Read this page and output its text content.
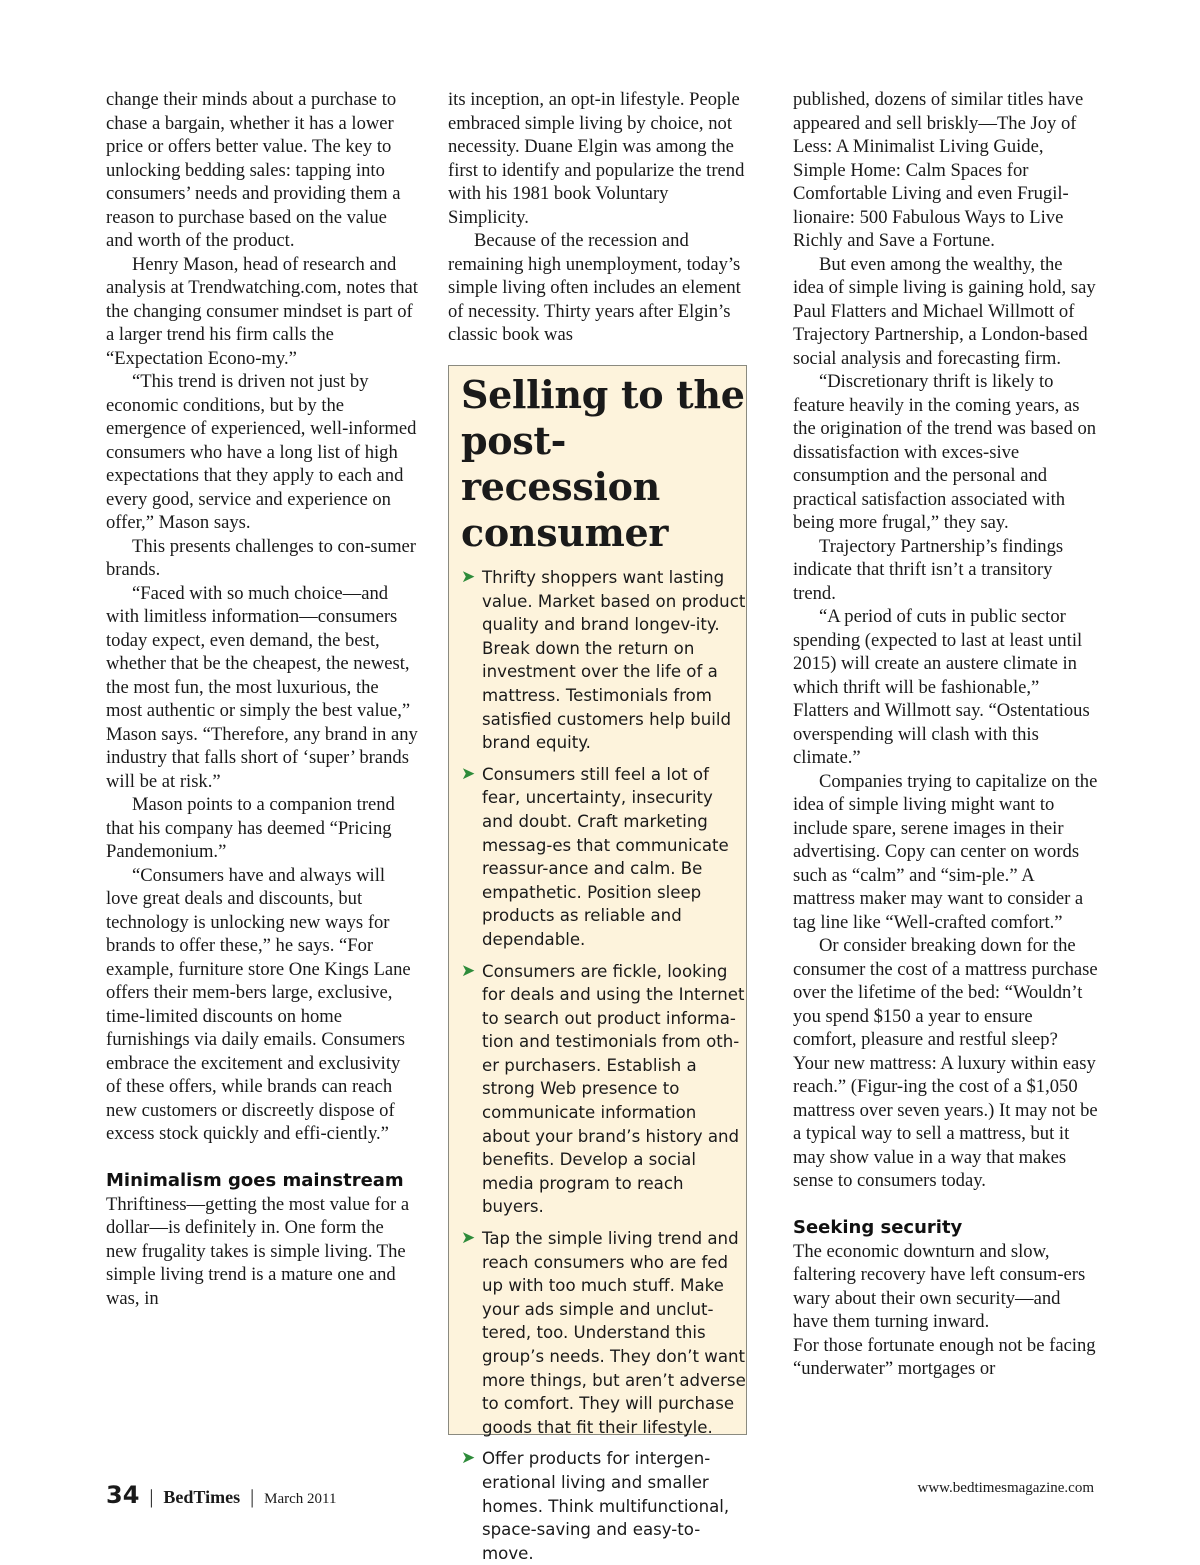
change their minds about a purchase to chase a bargain, whether it has a lower price or offers better value. The key to unlocking bedding sales: tapping into consumers’ needs and providing them a reason to purchase based on the value and worth of the product.

Henry Mason, head of research and analysis at Trendwatching.com, notes that the changing consumer mindset is part of a larger trend his firm calls the “Expectation Econo-my.”

“This trend is driven not just by economic conditions, but by the emergence of experienced, well-informed consumers who have a long list of high expectations that they apply to each and every good, service and experience on offer,” Mason says.

This presents challenges to con-sumer brands.

“Faced with so much choice—and with limitless information—consumers today expect, even demand, the best, whether that be the cheapest, the newest, the most fun, the most luxurious, the most authentic or simply the best value,” Mason says. “Therefore, any brand in any industry that falls short of ‘super’ brands will be at risk.”

Mason points to a companion trend that his company has deemed “Pricing Pandemonium.”

“Consumers have and always will love great deals and discounts, but technology is unlocking new ways for brands to offer these,” he says. “For example, furniture store One Kings Lane offers their mem-bers large, exclusive, time-limited discounts on home furnishings via daily emails. Consumers embrace the excitement and exclusivity of these offers, while brands can reach new customers or discreetly dispose of excess stock quickly and effi-ciently.”

Minimalism goes mainstream

Thriftiness—getting the most value for a dollar—is definitely in. One form the new frugality takes is simple living. The simple living trend is a mature one and was, in

its inception, an opt-in lifestyle. People embraced simple living by choice, not necessity. Duane Elgin was among the first to identify and popularize the trend with his 1981 book Voluntary Simplicity.

Because of the recession and remaining high unemployment, today’s simple living often includes an element of necessity. Thirty years after Elgin’s classic book was

Selling to the post-recession consumer
➤ Thrifty shoppers want lasting value. Market based on product quality and brand longev-ity. Break down the return on investment over the life of a mattress. Testimonials from satisfied customers help build brand equity.
➤ Consumers still feel a lot of fear, uncertainty, insecurity and doubt. Craft marketing messag-es that communicate reassur-ance and calm. Be empathetic. Position sleep products as reliable and dependable.
➤ Consumers are fickle, looking for deals and using the Internet to search out product informa-tion and testimonials from oth-er purchasers. Establish a strong Web presence to communicate information about your brand’s history and benefits. Develop a social media program to reach buyers.
➤ Tap the simple living trend and reach consumers who are fed up with too much stuff. Make your ads simple and unclut-tered, too. Understand this group’s needs. They don’t want more things, but aren’t adverse to comfort. They will purchase goods that fit their lifestyle.
➤ Offer products for intergen-erational living and smaller homes. Think multifunctional, space-saving and easy-to-move.

published, dozens of similar titles have appeared and sell briskly—The Joy of Less: A Minimalist Living Guide, Simple Home: Calm Spaces for Comfortable Living and even Frugil-lionaire: 500 Fabulous Ways to Live Richly and Save a Fortune.

But even among the wealthy, the idea of simple living is gaining hold, say Paul Flatters and Michael Willmott of Trajectory Partnership, a London-based social analysis and forecasting firm.

“Discretionary thrift is likely to feature heavily in the coming years, as the origination of the trend was based on dissatisfaction with exces-sive consumption and the personal and practical satisfaction associated with being more frugal,” they say.

Trajectory Partnership’s findings indicate that thrift isn’t a transitory trend.

“A period of cuts in public sector spending (expected to last at least until 2015) will create an austere climate in which thrift will be fashionable,” Flatters and Willmott say. “Ostentatious overspending will clash with this climate.”

Companies trying to capitalize on the idea of simple living might want to include spare, serene images in their advertising. Copy can center on words such as “calm” and “sim-ple.” A mattress maker may want to consider a tag line like “Well-crafted comfort.”

Or consider breaking down for the consumer the cost of a mattress purchase over the lifetime of the bed: “Wouldn’t you spend $150 a year to ensure comfort, pleasure and restful sleep? Your new mattress: A luxury within easy reach.” (Figur-ing the cost of a $1,050 mattress over seven years.) It may not be a typical way to sell a mattress, but it may show value in a way that makes sense to consumers today.

Seeking security

The economic downturn and slow, faltering recovery have left consum-ers wary about their own security—and have them turning inward.

For those fortunate enough not be facing “underwater” mortgages or

34 | BedTimes | March 2011
www.bedtimesmagazine.com
